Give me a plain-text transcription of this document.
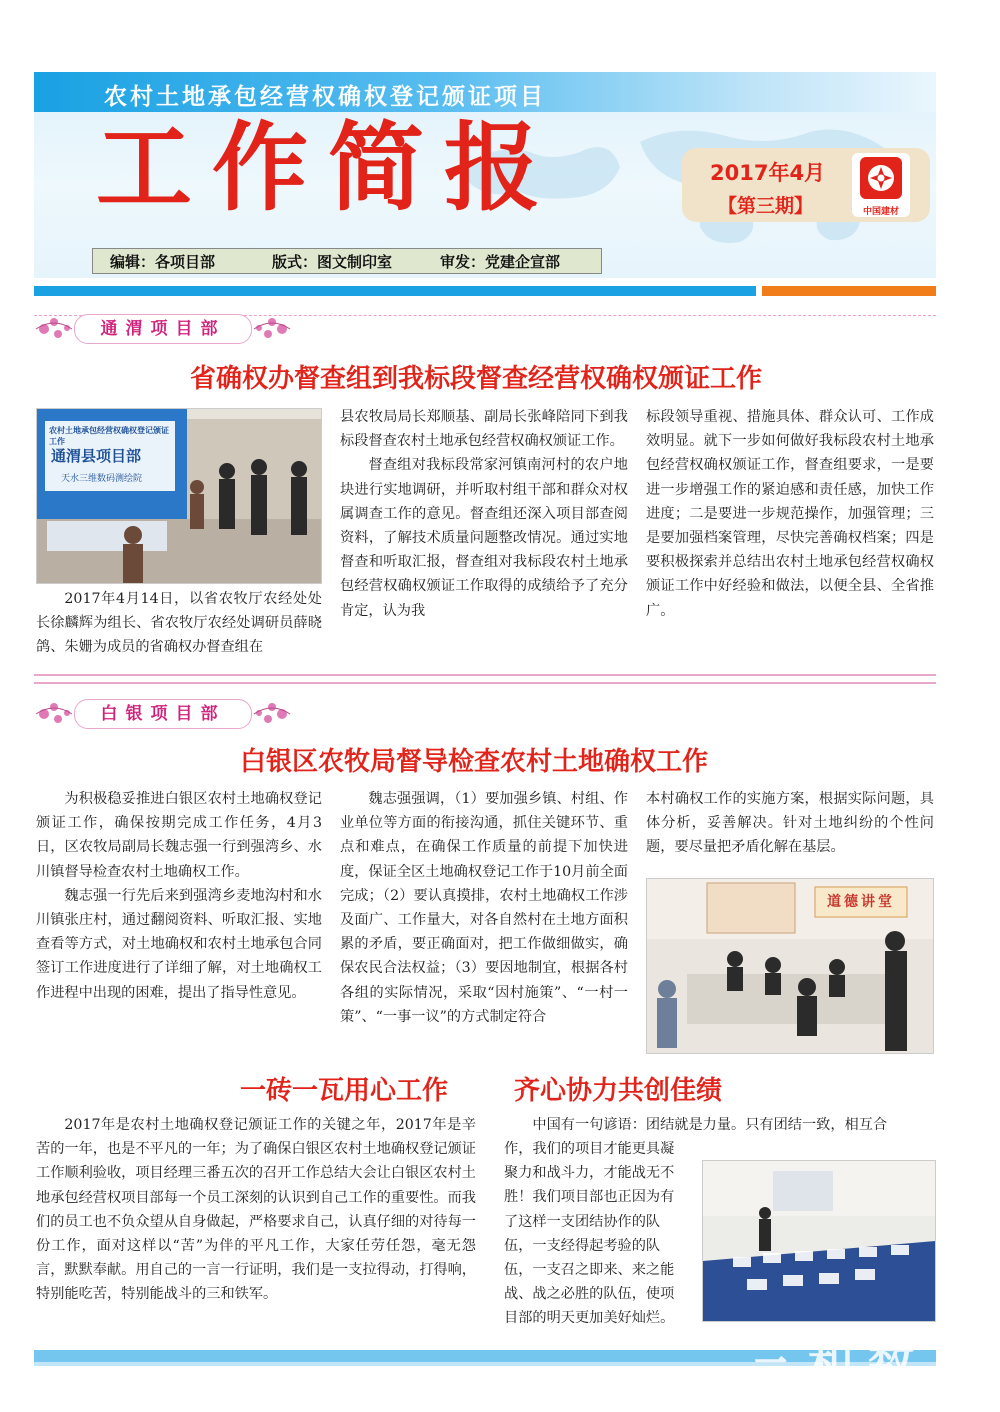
农村土地承包经营权确权登记颁证项目
工作简报	2017年4月
【第三期】	中国建材
编辑：各项目部	版式：图文制印室	审发：党建企宣部
通渭项目部
省确权办督查组到我标段督查经营权确权颁证工作
农村土地承包经营权确权登记颁证工作
通渭县项目部
天水三维数码测绘院

2017年4月14日，以省农牧厅农经处处长徐麟辉为组长、省农牧厅农经处调研员薛晓鸽、朱姗为成员的省确权办督查组在

县农牧局局长郑顺基、副局长张峰陪同下到我标段督查农村土地承包经营权确权颁证工作。

督查组对我标段常家河镇南河村的农户地块进行实地调研，并听取村组干部和群众对权属调查工作的意见。督查组还深入项目部查阅资料，了解技术质量问题整改情况。通过实地督查和听取汇报，督查组对我标段农村土地承包经营权确权颁证工作取得的成绩给予了充分肯定，认为我

标段领导重视、措施具体、群众认可、工作成效明显。就下一步如何做好我标段农村土地承包经营权确权颁证工作，督查组要求，一是要进一步增强工作的紧迫感和责任感，加快工作进度；二是要进一步规范操作，加强管理；三是要加强档案管理，尽快完善确权档案；四是要积极探索并总结出农村土地承包经营权确权颁证工作中好经验和做法，以便全县、全省推广。

白银项目部
白银区农牧局督导检查农村土地确权工作

为积极稳妥推进白银区农村土地确权登记颁证工作，确保按期完成工作任务，4月3日，区农牧局副局长魏志强一行到强湾乡、水川镇督导检查农村土地确权工作。

魏志强一行先后来到强湾乡麦地沟村和水川镇张庄村，通过翻阅资料、听取汇报、实地查看等方式，对土地确权和农村土地承包合同签订工作进度进行了详细了解，对土地确权工作进程中出现的困难，提出了指导性意见。

魏志强强调，（1）要加强乡镇、村组、作业单位等方面的衔接沟通，抓住关键环节、重点和难点，在确保工作质量的前提下加快进度，保证全区土地确权登记工作于10月前全面完成；（2）要认真摸排，农村土地确权工作涉及面广、工作量大，对各自然村在土地方面积累的矛盾，要正确面对，把工作做细做实，确保农民合法权益；（3）要因地制宜，根据各村各组的实际情况，采取“因村施策”、“一村一策”、“一事一议”的方式制定符合

本村确权工作的实施方案，根据实际问题，具体分析，妥善解决。针对土地纠纷的个性问题，要尽量把矛盾化解在基层。

道德讲堂
一砖一瓦用心工作	齐心协力共创佳绩

2017年是农村土地确权登记颁证工作的关键之年，2017年是辛苦的一年，也是不平凡的一年；为了确保白银区农村土地确权登记颁证工作顺利验收，项目经理三番五次的召开工作总结大会让白银区农村土地承包经营权项目部每一个员工深刻的认识到自己工作的重要性。而我们的员工也不负众望从自身做起，严格要求自己，认真仔细的对待每一份工作，面对这样以“苦”为伴的平凡工作，大家任劳任怨，毫无怨言，默默奉献。用自己的一言一行证明，我们是一支拉得动，打得响，特别能吃苦，特别能战斗的三和铁军。

中国有一句谚语：团结就是力量。只有团结一致，相互合

作，我们的项目才能更具凝

聚力和战斗力，才能战无不

胜！我们项目部也正因为有

了这样一支团结协作的队

伍，一支经得起考验的队

伍，一支召之即来、来之能

战、战之必胜的队伍，使项

目部的明天更加美好灿烂。

三和数
